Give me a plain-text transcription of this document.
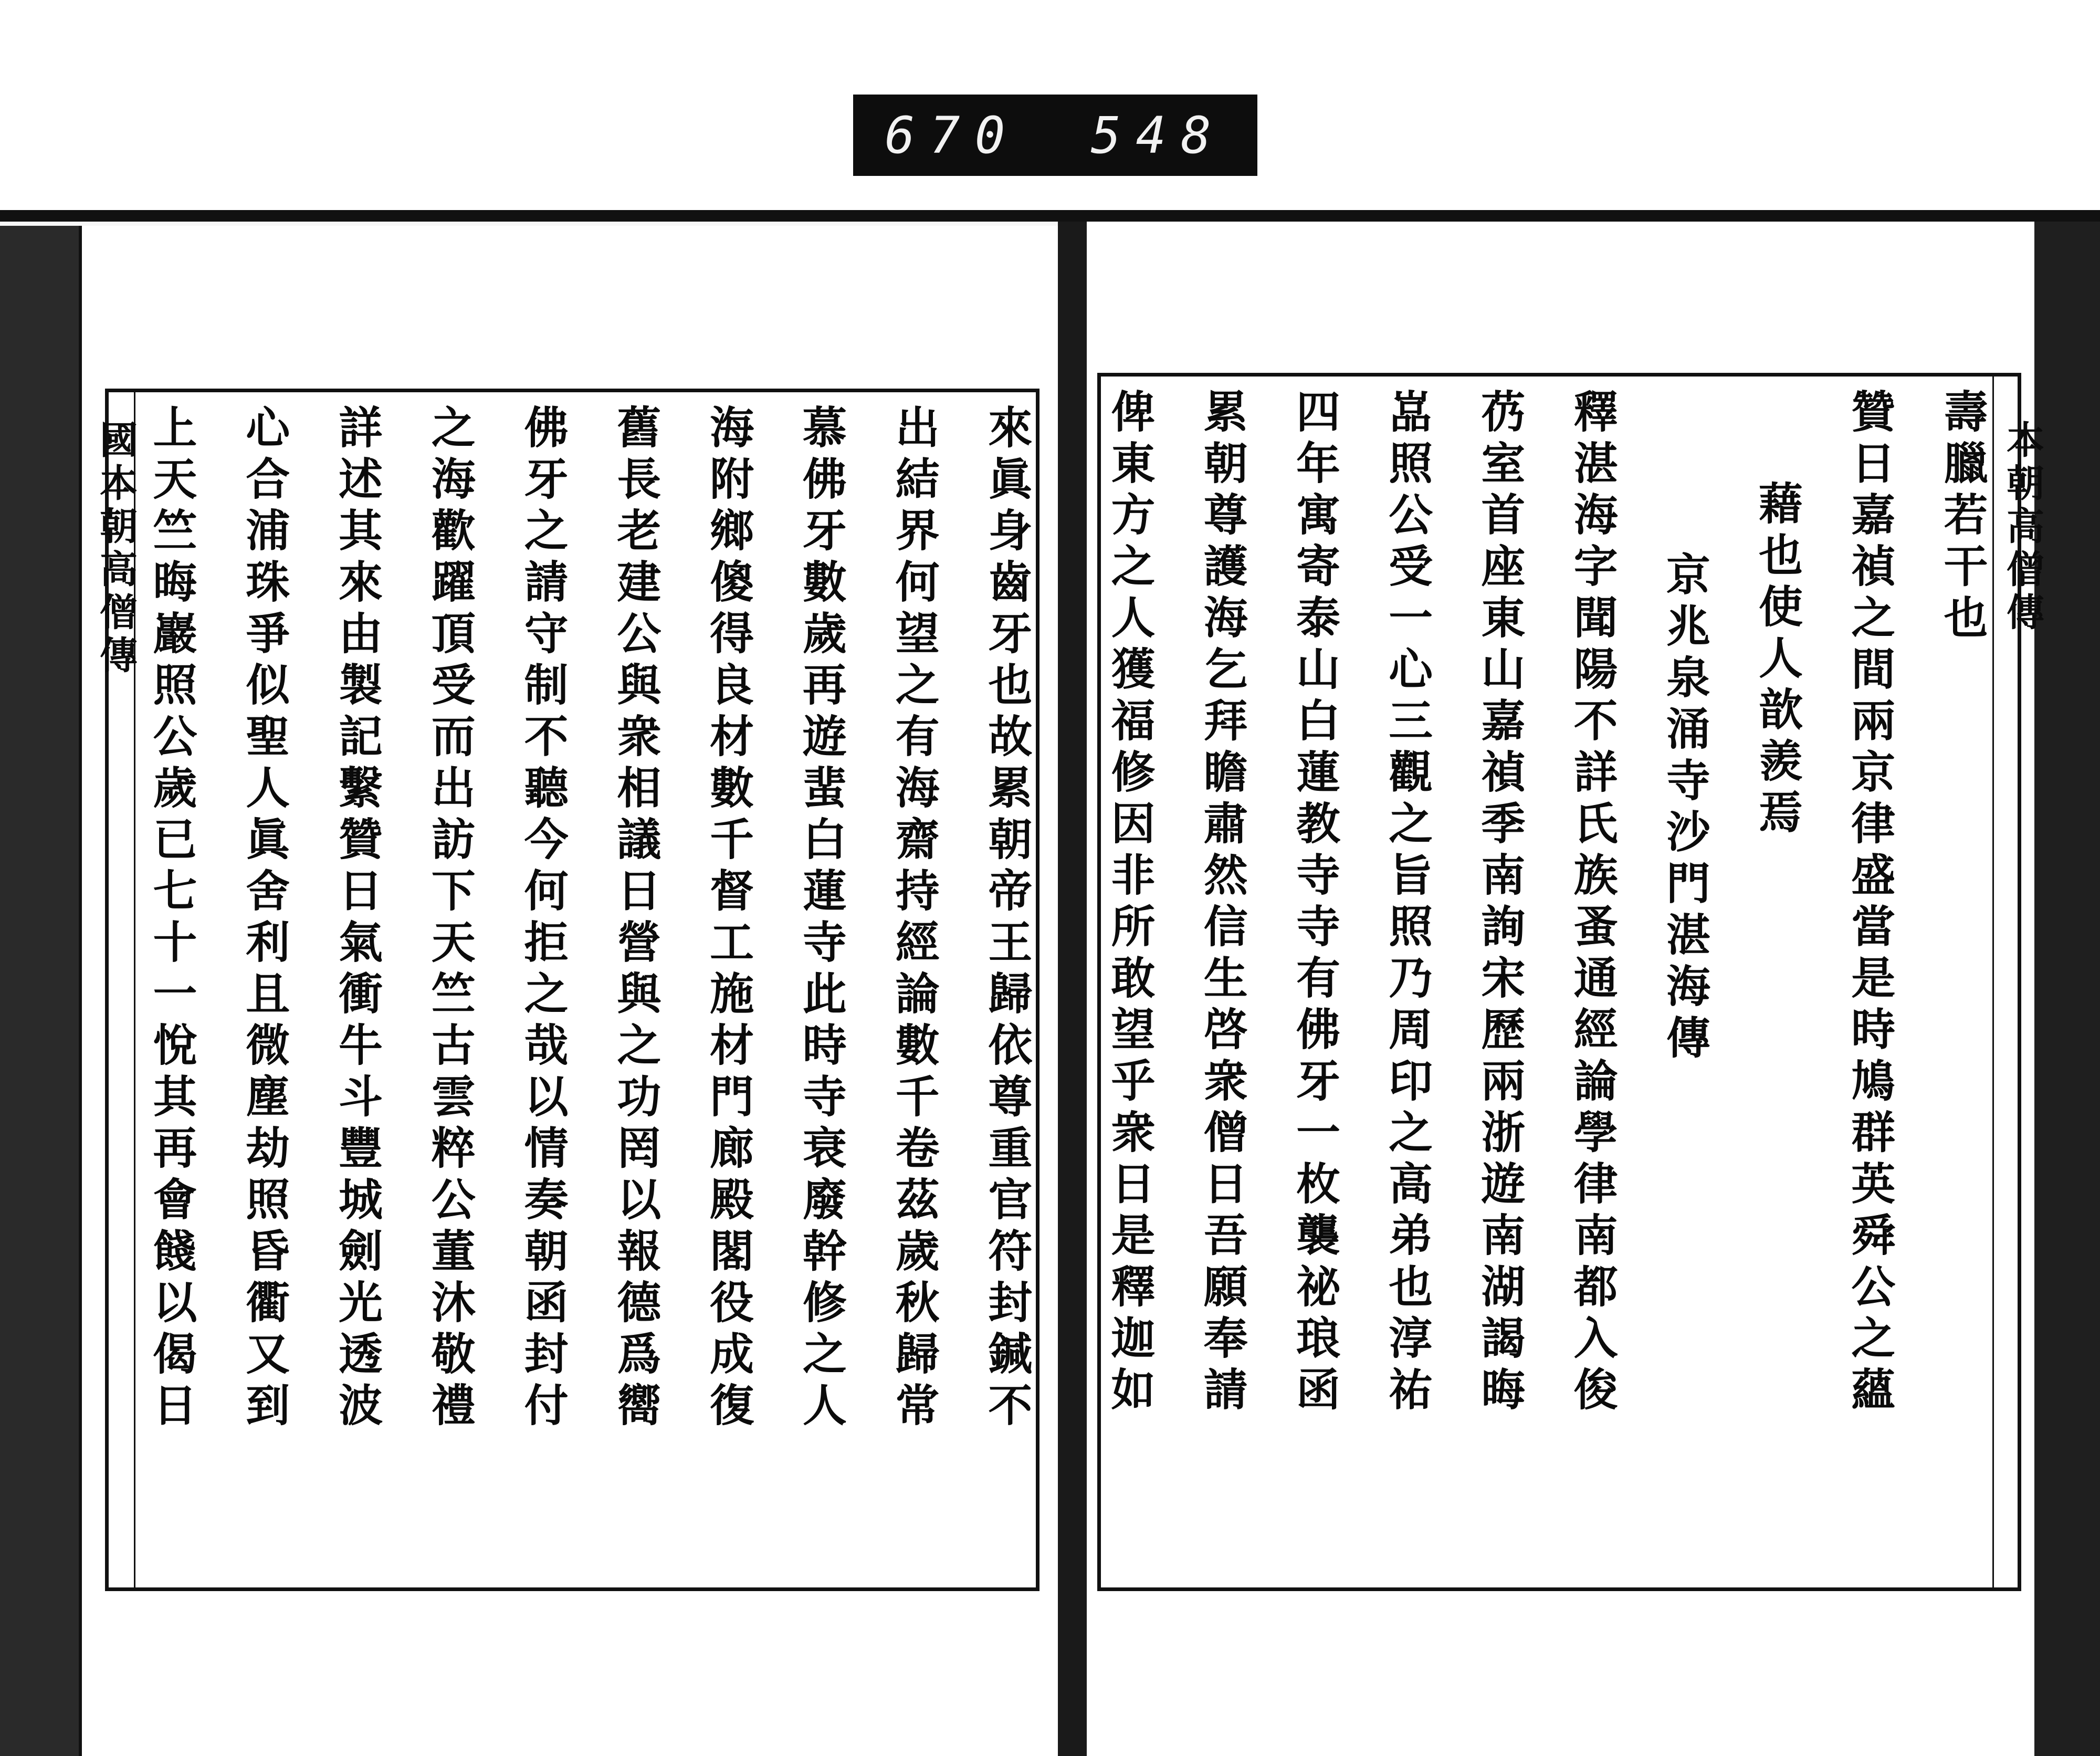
670 548
國本朝高僧傳	來眞身齒牙也故累朝帝王歸依尊重官符封鍼不
出結界何望之有海齋持經論數千卷茲歲秋歸常
慕佛牙數歲再遊蜚白蓮寺此時寺衰廢幹修之人
海附鄉傻得良材數千督工施材門廊殿閣役成復
舊長老建公與衆相議日營與之功罔以報德爲嚮
佛牙之請守制不聽今何拒之哉以情奏朝函封付
之海歡躍頂受而出訪下天竺古雲粹公董沐敬禮
詳述其來由製記繫贊日氣衝牛斗豐城劍光透波
心合浦珠爭似聖人眞舍利且微塵劫照昏衢又到
上天竺晦巖照公歲已七十一悅其再會餞以偈日	本朝高僧傳
壽臘若干也
贊日嘉禎之間兩京律盛當是時鳩群英舜公之蘊
藉也使人歆羨焉
京兆泉涌寺沙門湛海傳
釋湛海字聞陽不詳氏族蚤通經論學律南都入俊
芿室首座東山嘉禎季南詢宋歷兩浙遊南湖謁晦
嵓照公受一心三觀之旨照乃周印之高弟也淳祐
四年寓寄泰山白蓮教寺寺有佛牙一枚襲祕琅函
累朝尊護海乞拜瞻肅然信生啓衆僧日吾願奉請
俾東方之人獲福修因非所敢望乎衆日是釋迦如
